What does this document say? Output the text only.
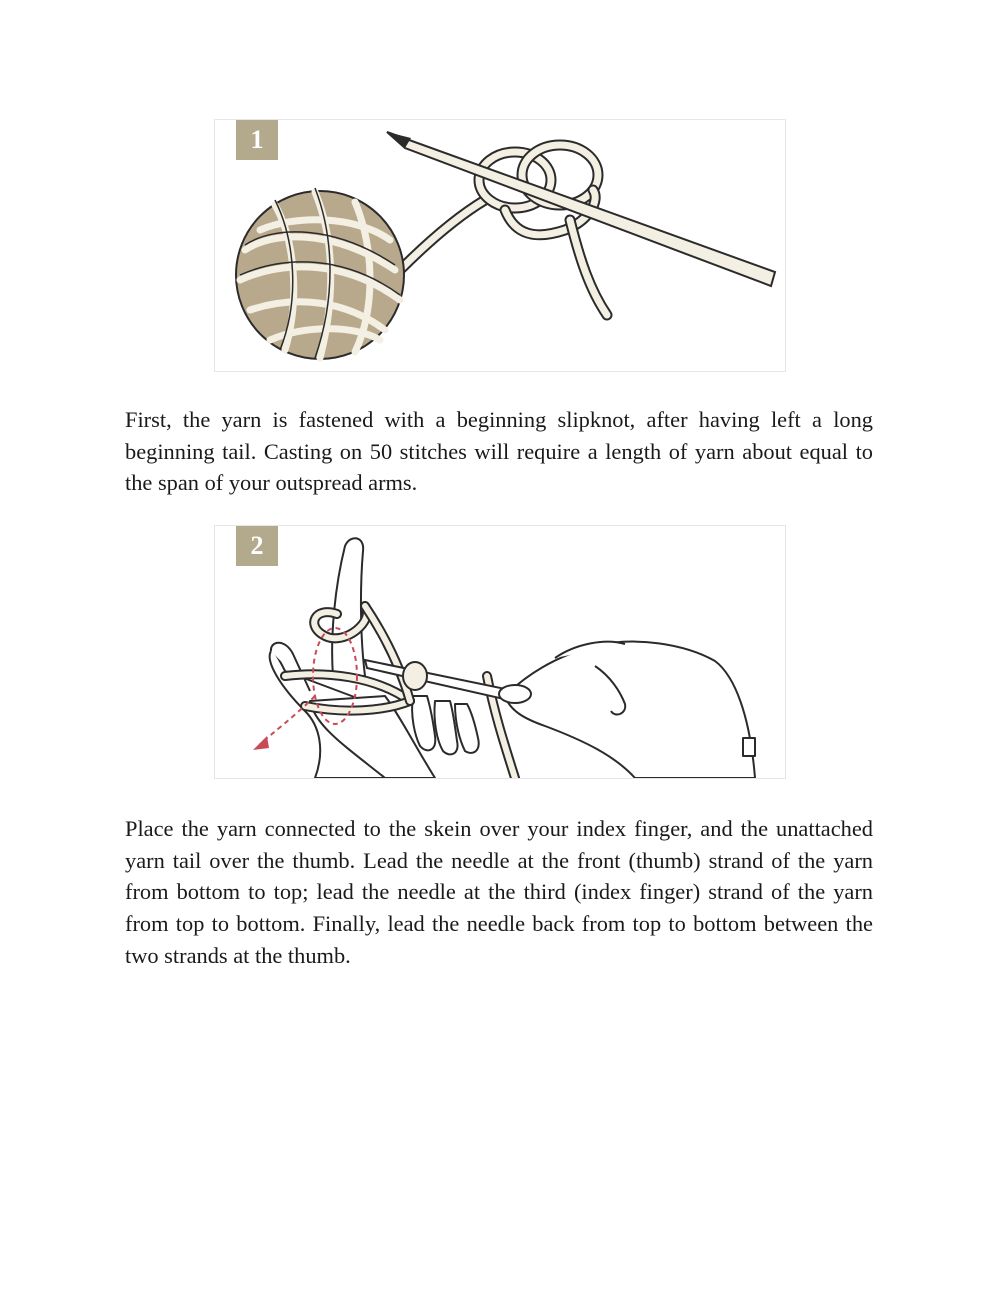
1

First, the yarn is fastened with a beginning slipknot, after having left a long beginning tail. Casting on 50 stitches will require a length of yarn about equal to the span of your outspread arms.

2

Place the yarn connected to the skein over your index finger, and the unattached yarn tail over the thumb. Lead the needle at the front (thumb) strand of the yarn from bottom to top; lead the needle at the third (index finger) strand of the yarn from top to bottom. Finally, lead the needle back from top to bottom between the two strands at the thumb.
